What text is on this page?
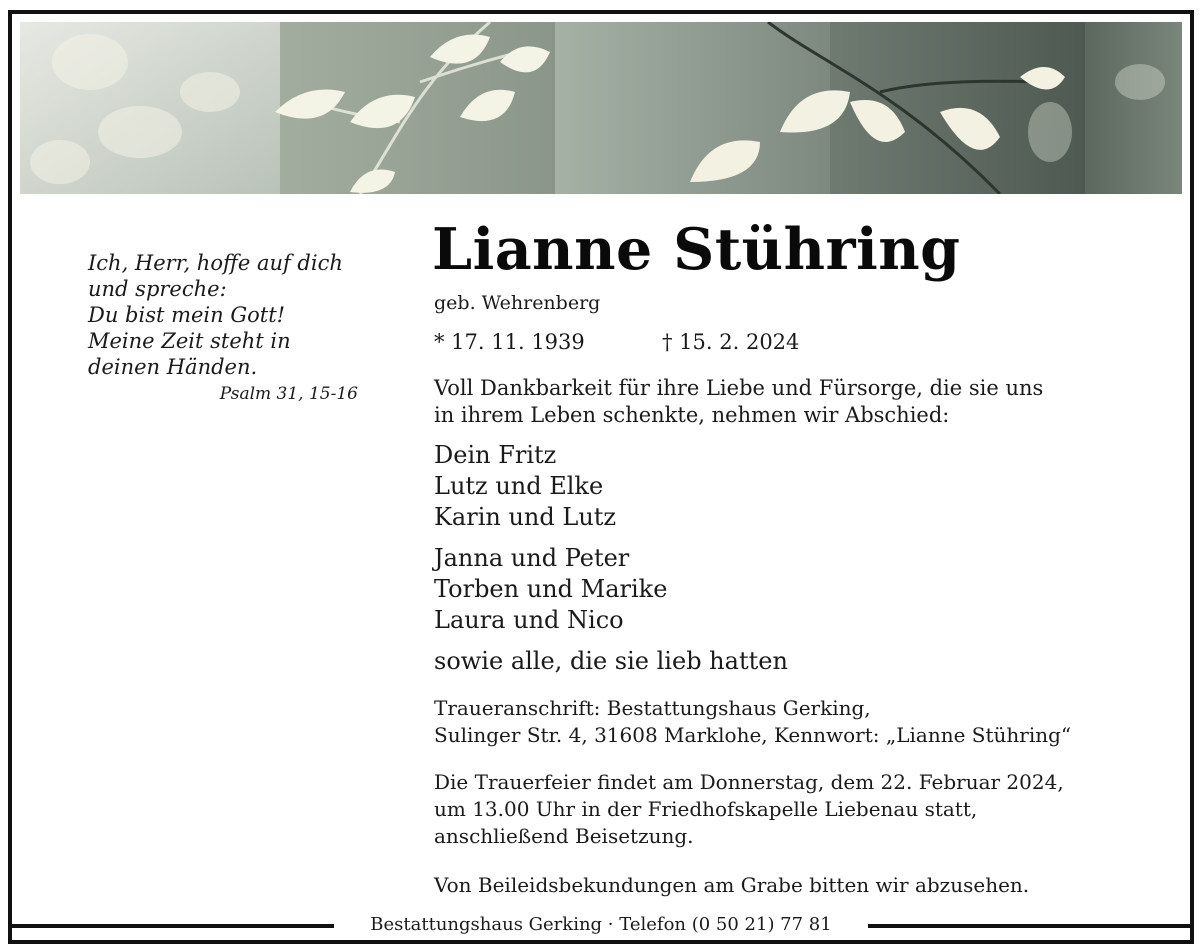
Ich, Herr, hoffe auf dich
und spreche:
Du bist mein Gott!
Meine Zeit steht in
deinen Händen.
Psalm 31, 15-16
Lianne Stühring
geb. Wehrenberg
* 17. 11. 1939	† 15. 2. 2024
Voll Dankbarkeit für ihre Liebe und Fürsorge, die sie uns
in ihrem Leben schenkte, nehmen wir Abschied:
Dein Fritz
Lutz und Elke
Karin und Lutz
Janna und Peter
Torben und Marike
Laura und Nico
sowie alle, die sie lieb hatten
Traueranschrift: Bestattungshaus Gerking,
Sulinger Str. 4, 31608 Marklohe, Kennwort: „Lianne Stühring“
Die Trauerfeier findet am Donnerstag, dem 22. Februar 2024,
um 13.00 Uhr in der Friedhofskapelle Liebenau statt,
anschließend Beisetzung.
Von Beileidsbekundungen am Grabe bitten wir abzusehen.
Bestattungshaus Gerking · Telefon (0 50 21) 77 81
